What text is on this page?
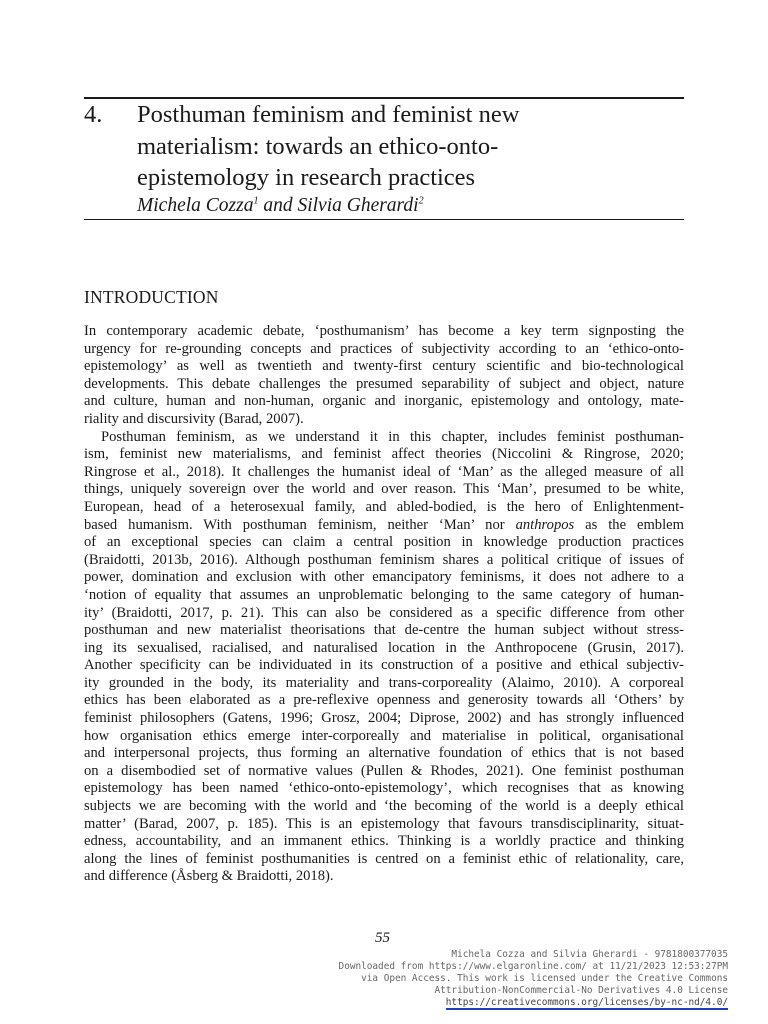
4. Posthuman feminism and feminist new
materialism: towards an ethico-onto-
epistemology in research practices
Michela Cozza$^1$ and Silvia Gherardi$^2$
INTRODUCTION
In contemporary academic debate, ‘posthumanism’ has become a key term signposting the
urgency for re-grounding concepts and practices of subjectivity according to an ‘ethico-onto-
epistemology’ as well as twentieth and twenty-first century scientific and bio-technological
developments. This debate challenges the presumed separability of subject and object, nature
and culture, human and non-human, organic and inorganic, epistemology and ontology, mate-
riality and discursivity (Barad, 2007).
Posthuman feminism, as we understand it in this chapter, includes feminist posthuman-
ism, feminist new materialisms, and feminist affect theories (Niccolini & Ringrose, 2020;
Ringrose et al., 2018). It challenges the humanist ideal of ‘Man’ as the alleged measure of all
things, uniquely sovereign over the world and over reason. This ‘Man’, presumed to be white,
European, head of a heterosexual family, and abled-bodied, is the hero of Enlightenment-
based humanism. With posthuman feminism, neither ‘Man’ nor anthropos as the emblem
of an exceptional species can claim a central position in knowledge production practices
(Braidotti, 2013b, 2016). Although posthuman feminism shares a political critique of issues of
power, domination and exclusion with other emancipatory feminisms, it does not adhere to a
‘notion of equality that assumes an unproblematic belonging to the same category of human-
ity’ (Braidotti, 2017, p. 21). This can also be considered as a specific difference from other
posthuman and new materialist theorisations that de-centre the human subject without stress-
ing its sexualised, racialised, and naturalised location in the Anthropocene (Grusin, 2017).
Another specificity can be individuated in its construction of a positive and ethical subjectiv-
ity grounded in the body, its materiality and trans-corporeality (Alaimo, 2010). A corporeal
ethics has been elaborated as a pre-reflexive openness and generosity towards all ‘Others’ by
feminist philosophers (Gatens, 1996; Grosz, 2004; Diprose, 2002) and has strongly influenced
how organisation ethics emerge inter-corporeally and materialise in political, organisational
and interpersonal projects, thus forming an alternative foundation of ethics that is not based
on a disembodied set of normative values (Pullen & Rhodes, 2021). One feminist posthuman
epistemology has been named ‘ethico-onto-epistemology’, which recognises that as knowing
subjects we are becoming with the world and ‘the becoming of the world is a deeply ethical
matter’ (Barad, 2007, p. 185). This is an epistemology that favours transdisciplinarity, situat-
edness, accountability, and an immanent ethics. Thinking is a worldly practice and thinking
along the lines of feminist posthumanities is centred on a feminist ethic of relationality, care,
and difference (Åsberg & Braidotti, 2018).
55
Michela Cozza and Silvia Gherardi - 9781800377035
Downloaded from https://www.elgaronline.com/ at 11/21/2023 12:53:27PM
via Open Access. This work is licensed under the Creative Commons
Attribution-NonCommercial-No Derivatives 4.0 License
https://creativecommons.org/licenses/by-nc-nd/4.0/
